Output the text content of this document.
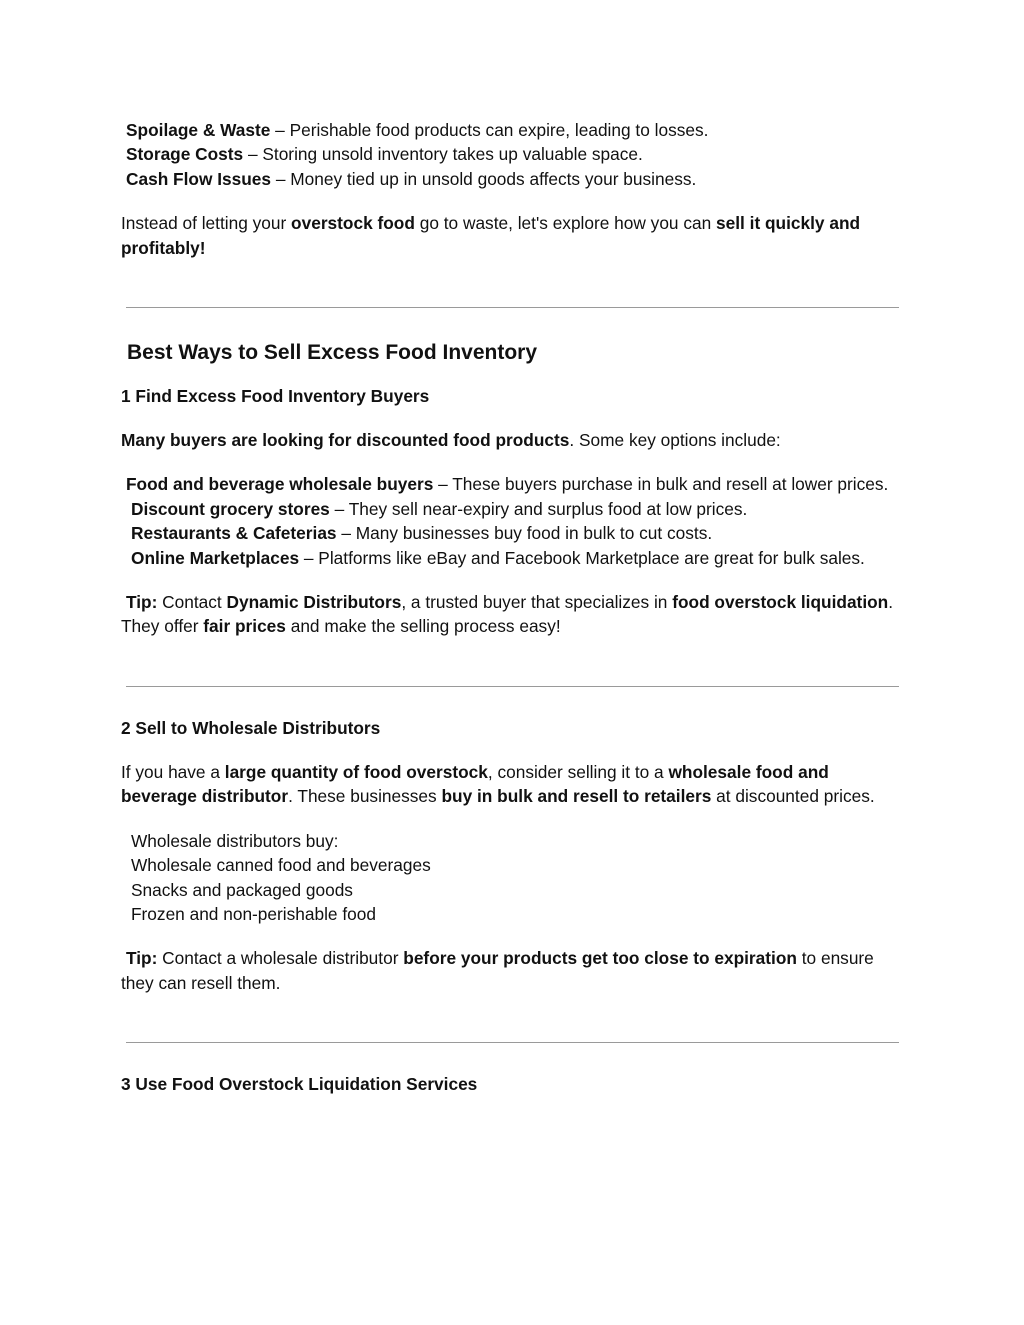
Spoilage & Waste – Perishable food products can expire, leading to losses.

Storage Costs – Storing unsold inventory takes up valuable space.

Cash Flow Issues – Money tied up in unsold goods affects your business.

Instead of letting your overstock food go to waste, let's explore how you can sell it quickly and profitably!

Best Ways to Sell Excess Food Inventory
1 Find Excess Food Inventory Buyers

Many buyers are looking for discounted food products. Some key options include:

Food and beverage wholesale buyers – These buyers purchase in bulk and resell at lower prices.

Discount grocery stores – They sell near-expiry and surplus food at low prices.

Restaurants & Cafeterias – Many businesses buy food in bulk to cut costs.

Online Marketplaces – Platforms like eBay and Facebook Marketplace are great for bulk sales.

Tip: Contact Dynamic Distributors, a trusted buyer that specializes in food overstock liquidation. They offer fair prices and make the selling process easy!

2 Sell to Wholesale Distributors

If you have a large quantity of food overstock, consider selling it to a wholesale food and beverage distributor. These businesses buy in bulk and resell to retailers at discounted prices.

Wholesale distributors buy:

Wholesale canned food and beverages

Snacks and packaged goods

Frozen and non-perishable food

Tip: Contact a wholesale distributor before your products get too close to expiration to ensure they can resell them.

3 Use Food Overstock Liquidation Services
